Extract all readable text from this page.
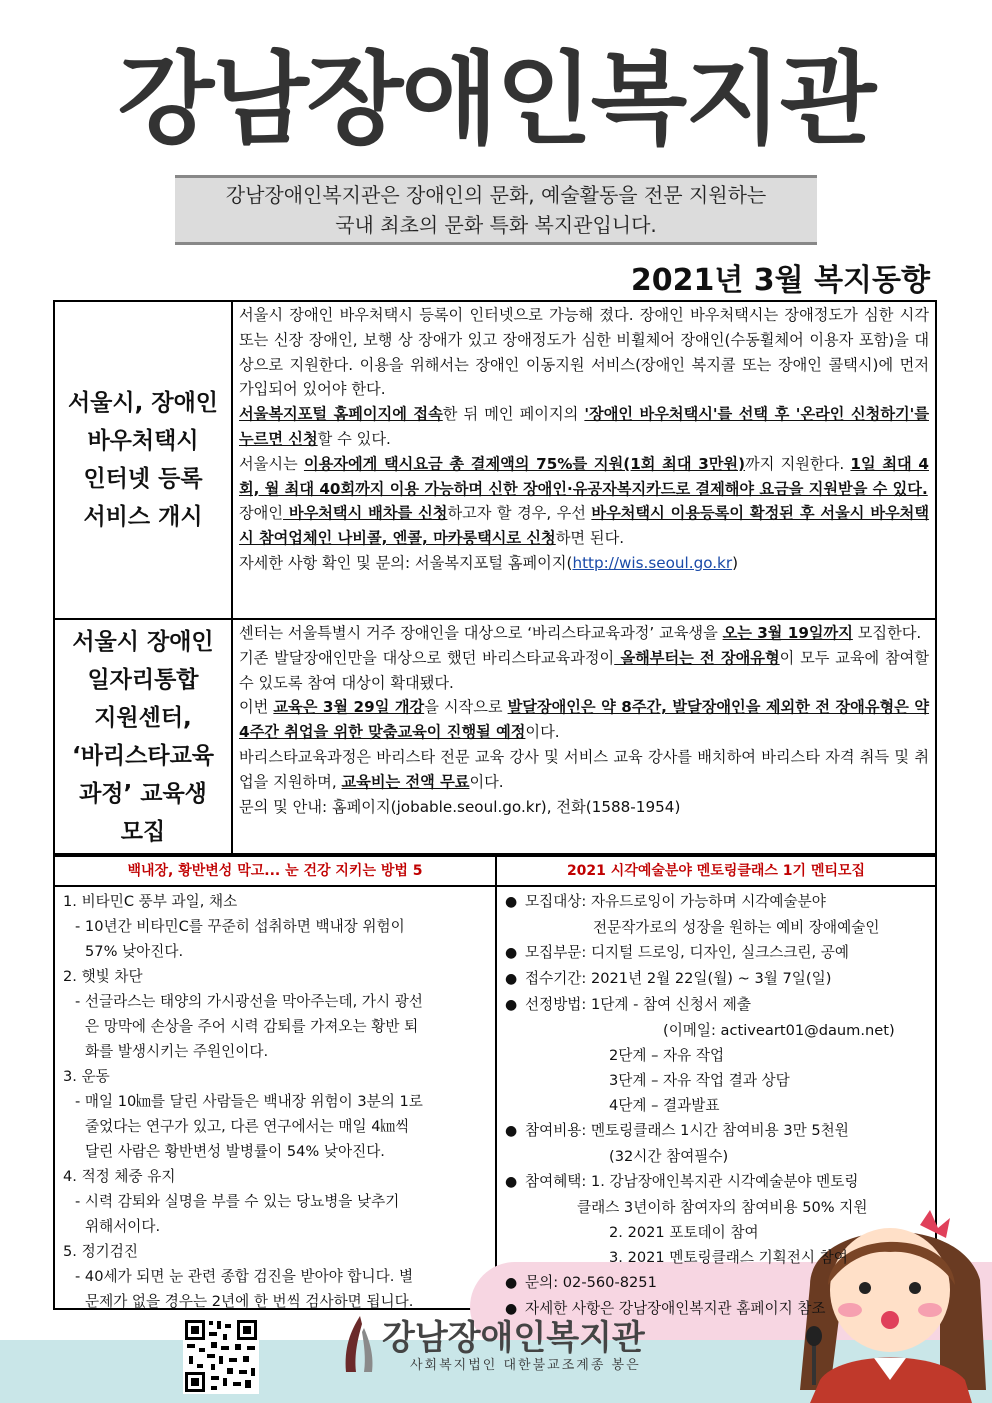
강남장애인복지관
강남장애인복지관은 장애인의 문화, 예술활동을 전문 지원하는
국내 최초의 문화 특화 복지관입니다.
2021년 3월 복지동향
서울시, 장애인
바우처택시
인터넷 등록
서비스 개시

서울시 장애인 바우처택시 등록이 인터넷으로 가능해 졌다. 장애인 바우처택시는 장애정도가 심한 시각 또는 신장 장애인, 보행 상 장애가 있고 장애정도가 심한 비휠체어 장애인(수동휠체어 이용자 포함)을 대상으로 지원한다. 이용을 위해서는 장애인 이동지원 서비스(장애인 복지콜 또는 장애인 콜택시)에 먼저 가입되어 있어야 한다.

서울복지포털 홈페이지에 접속한 뒤 메인 페이지의 '장애인 바우처택시'를 선택 후 '온라인 신청하기'를 누르면 신청할 수 있다.

서울시는 이용자에게 택시요금 총 결제액의 75%를 지원(1회 최대 3만원)까지 지원한다. 1일 최대 4회, 월 최대 40회까지 이용 가능하며 신한 장애인·유공자복지카드로 결제해야 요금을 지원받을 수 있다.

장애인 바우처택시 배차를 신청하고자 할 경우, 우선 바우처택시 이용등록이 확정된 후 서울시 바우처택시 참여업체인 나비콜, 엔콜, 마카롱택시로 신청하면 된다.

자세한 사항 확인 및 문의: 서울복지포털 홈페이지(http://wis.seoul.go.kr)

서울시 장애인
일자리통합
지원센터,
‘바리스타교육
과정’ 교육생
모집

센터는 서울특별시 거주 장애인을 대상으로 ‘바리스타교육과정’ 교육생을 오는 3월 19일까지 모집한다.

기존 발달장애인만을 대상으로 했던 바리스타교육과정이 올해부터는 전 장애유형이 모두 교육에 참여할 수 있도록 참여 대상이 확대됐다.

이번 교육은 3월 29일 개강을 시작으로 발달장애인은 약 8주간, 발달장애인을 제외한 전 장애유형은 약 4주간 취업을 위한 맞춤교육이 진행될 예정이다.

바리스타교육과정은 바리스타 전문 교육 강사 및 서비스 교육 강사를 배치하여 바리스타 자격 취득 및 취업을 지원하며, 교육비는 전액 무료이다.

문의 및 안내: 홈페이지(jobable.seoul.go.kr), 전화(1588-1954)

백내장, 황반변성 막고... 눈 건강 지키는 방법 5

1. 비타민C 풍부 과일, 채소

- 10년간 비타민C를 꾸준히 섭취하면 백내장 위험이

57% 낮아진다.

2. 햇빛 차단

- 선글라스는 태양의 가시광선을 막아주는데, 가시 광선

은 망막에 손상을 주어 시력 감퇴를 가져오는 황반 퇴

화를 발생시키는 주원인이다.

3. 운동

- 매일 10㎞를 달린 사람들은 백내장 위험이 3분의 1로

줄었다는 연구가 있고, 다른 연구에서는 매일 4㎞씩

달린 사람은 황반변성 발병률이 54% 낮아진다.

4. 적정 체중 유지

- 시력 감퇴와 실명을 부를 수 있는 당뇨병을 낮추기

위해서이다.

5. 정기검진

- 40세가 되면 눈 관련 종합 검진을 받아야 합니다. 별

문제가 없을 경우는 2년에 한 번씩 검사하면 됩니다.

2021 시각예술분야 멘토링클래스 1기 멘티모집

● 모집대상: 자유드로잉이 가능하며 시각예술분야

전문작가로의 성장을 원하는 예비 장애예술인

● 모집부문: 디지털 드로잉, 디자인, 실크스크린, 공예

● 접수기간: 2021년 2월 22일(월) ~ 3월 7일(일)

● 선정방법: 1단계 - 참여 신청서 제출

(이메일: activeart01@daum.net)

2단계 – 자유 작업

3단계 – 자유 작업 결과 상담

4단계 – 결과발표

● 참여비용: 멘토링클래스 1시간 참여비용 3만 5천원

(32시간 참여필수)

● 참여혜택: 1. 강남장애인복지관 시각예술분야 멘토링

클래스 3년이하 참여자의 참여비용 50% 지원

2. 2021 포토데이 참여

3. 2021 멘토링클래스 기획전시 참여

● 문의: 02-560-8251

● 자세한 사항은 강남장애인복지관 홈페이지 참조

강남장애인복지관
사회복지법인 대한불교조계종 봉은
